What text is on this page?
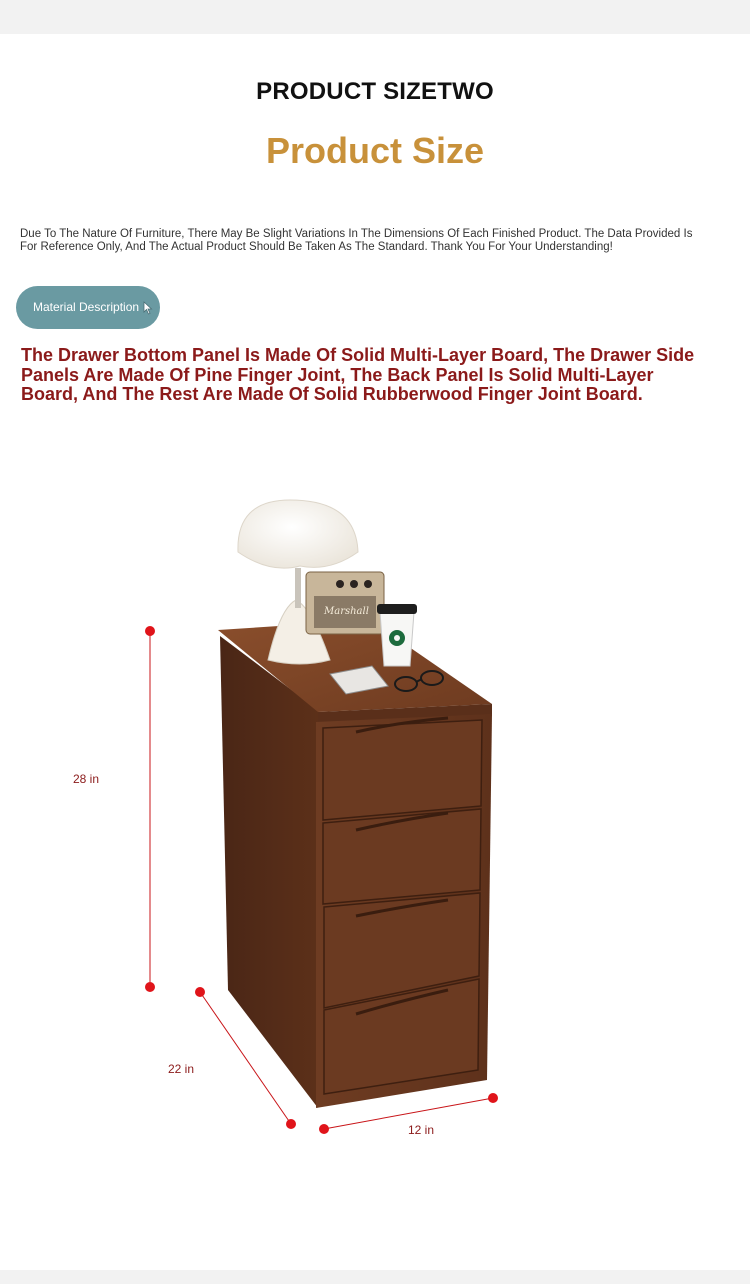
PRODUCT SIZETWO
Product Size
Due To The Nature Of Furniture, There May Be Slight Variations In The Dimensions Of Each Finished Product. The Data Provided Is For Reference Only, And The Actual Product Should Be Taken As The Standard. Thank You For Your Understanding!
Material Description
The Drawer Bottom Panel Is Made Of Solid Multi-Layer Board, The Drawer Side Panels Are Made Of Pine Finger Joint, The Back Panel Is Solid Multi-Layer Board, And The Rest Are Made Of Solid Rubberwood Finger Joint Board.
Marshall
28 in
22 in
12 in
